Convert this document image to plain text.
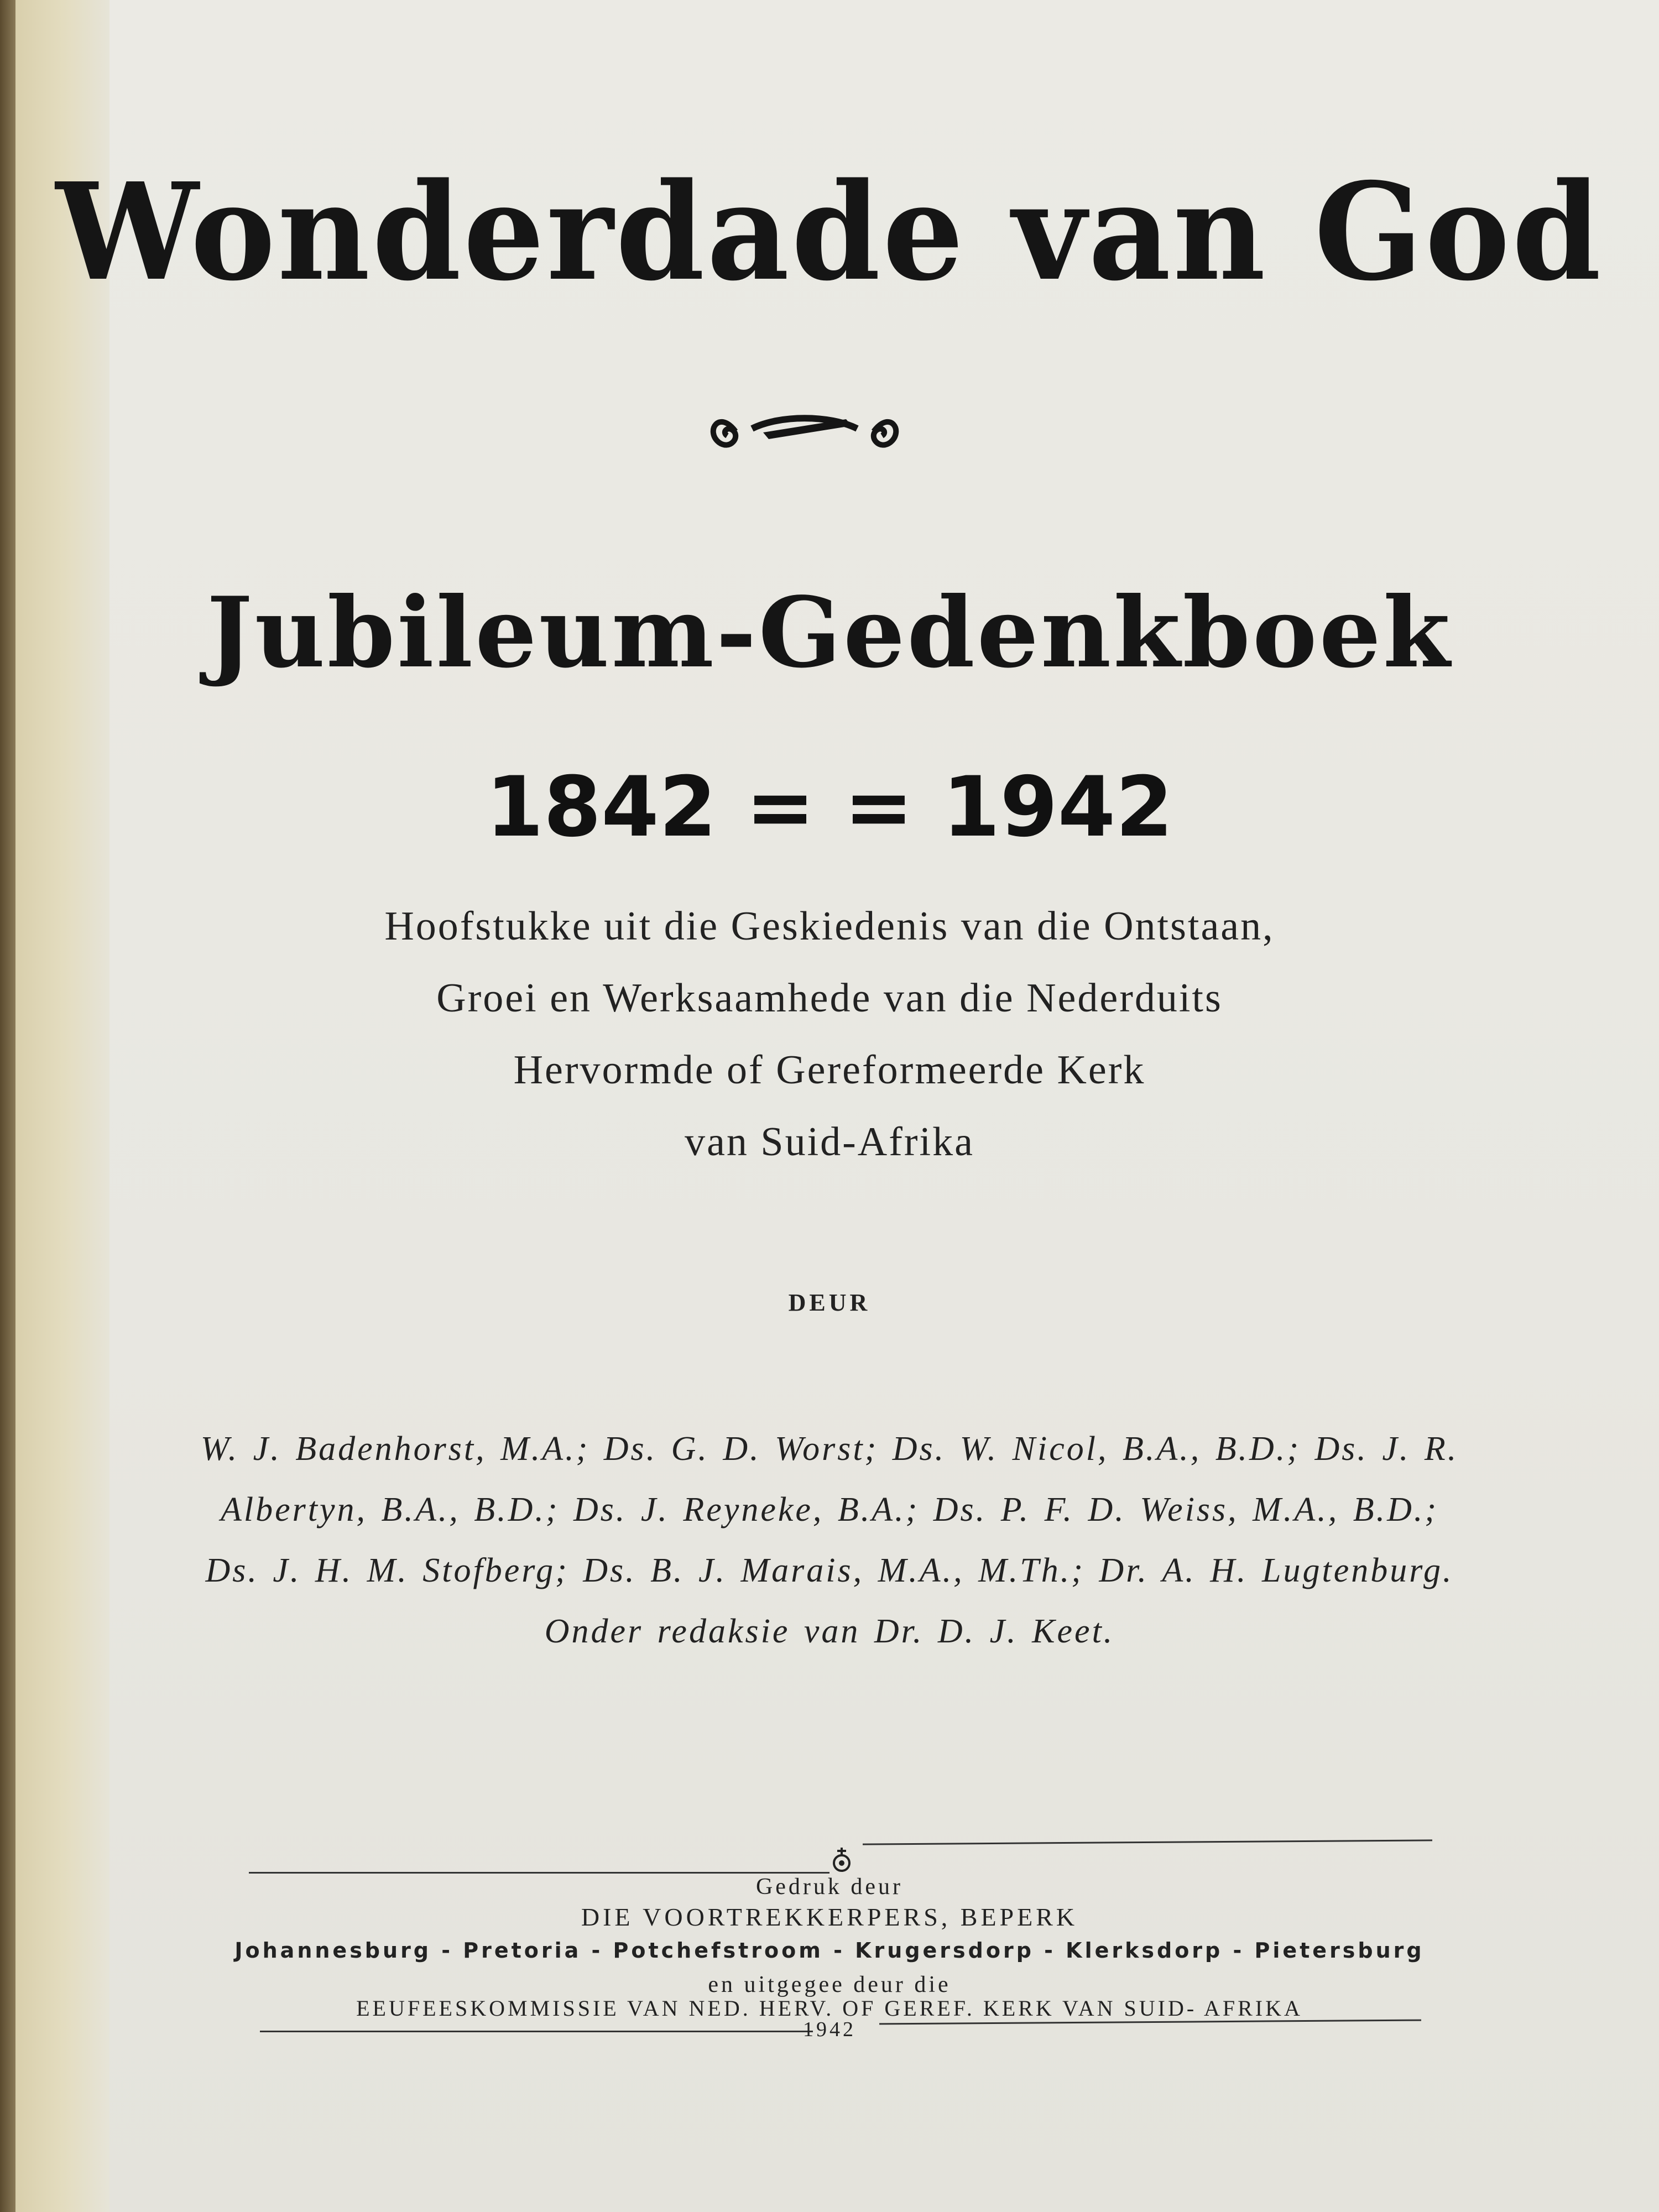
Wonderdade van God
Jubileum-Gedenkboek
1842 = = 1942
Hoofstukke uit die Geskiedenis van die Ontstaan,
Groei en Werksaamhede van die Nederduits
Hervormde of Gereformeerde Kerk
van Suid-Afrika
DEUR
W. J. Badenhorst, M.A.; Ds. G. D. Worst; Ds. W. Nicol, B.A., B.D.; Ds. J. R.
Albertyn, B.A., B.D.; Ds. J. Reyneke, B.A.; Ds. P. F. D. Weiss, M.A., B.D.;
Ds. J. H. M. Stofberg; Ds. B. J. Marais, M.A., M.Th.; Dr. A. H. Lugtenburg.
Onder redaksie van Dr. D. J. Keet.
Gedruk deur
DIE VOORTREKKERPERS, BEPERK
Johannesburg - Pretoria - Potchefstroom - Krugersdorp - Klerksdorp - Pietersburg
en uitgegee deur die
EEUFEESKOMMISSIE VAN NED. HERV. OF GEREF. KERK VAN SUID- AFRIKA
1942
